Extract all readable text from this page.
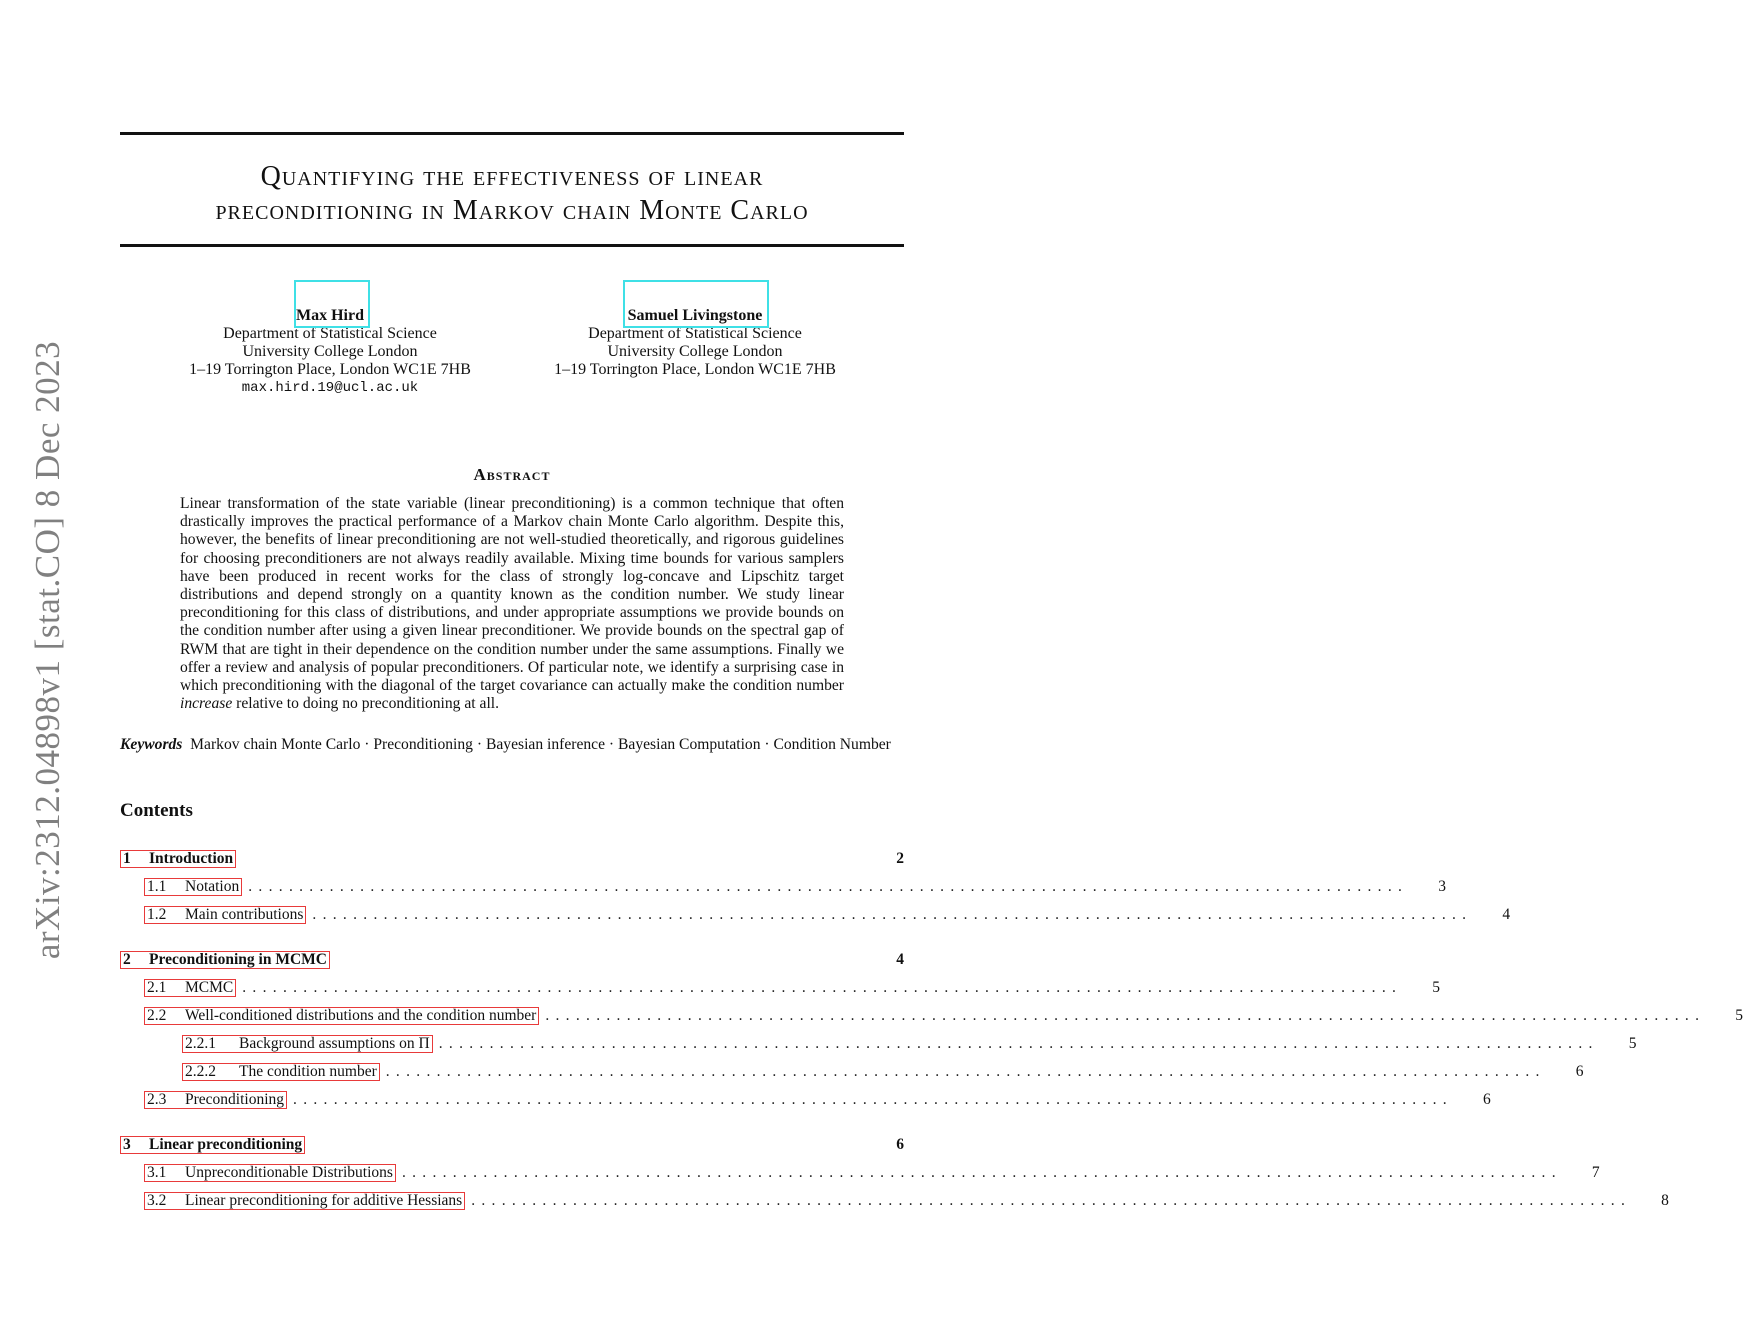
arXiv:2312.04898v1 [stat.CO] 8 Dec 2023
Quantifying the effectiveness of linear
preconditioning in Markov chain Monte Carlo
Max Hird
Department of Statistical Science
University College London
1–19 Torrington Place, London WC1E 7HB
max.hird.19@ucl.ac.uk
Samuel Livingstone
Department of Statistical Science
University College London
1–19 Torrington Place, London WC1E 7HB
Abstract
Linear transformation of the state variable (linear preconditioning) is a common technique that often drastically improves the practical performance of a Markov chain Monte Carlo algorithm. Despite this, however, the benefits of linear preconditioning are not well-studied theoretically, and rigorous guidelines for choosing preconditioners are not always readily available. Mixing time bounds for various samplers have been produced in recent works for the class of strongly log-concave and Lipschitz target distributions and depend strongly on a quantity known as the condition number. We study linear preconditioning for this class of distributions, and under appropriate assumptions we provide bounds on the condition number after using a given linear preconditioner. We provide bounds on the spectral gap of RWM that are tight in their dependence on the condition number under the same assumptions. Finally we offer a review and analysis of popular preconditioners. Of particular note, we identify a surprising case in which preconditioning with the diagonal of the target covariance can actually make the condition number increase relative to doing no preconditioning at all.
Keywords Markov chain Monte Carlo · Preconditioning · Bayesian inference · Bayesian Computation · Condition Number
Contents
1 Introduction	2
1.1 Notation .................................................................................................................. 3
1.2 Main contributions .................................................................................................................. 4
2 Preconditioning in MCMC	4
2.1 MCMC .................................................................................................................. 5
2.2 Well-conditioned distributions and the condition number .................................................................................................................. 5
2.2.1 Background assumptions on Π .................................................................................................................. 5
2.2.2 The condition number .................................................................................................................. 6
2.3 Preconditioning .................................................................................................................. 6
3 Linear preconditioning	6
3.1 Unpreconditionable Distributions .................................................................................................................. 7
3.2 Linear preconditioning for additive Hessians .................................................................................................................. 8
